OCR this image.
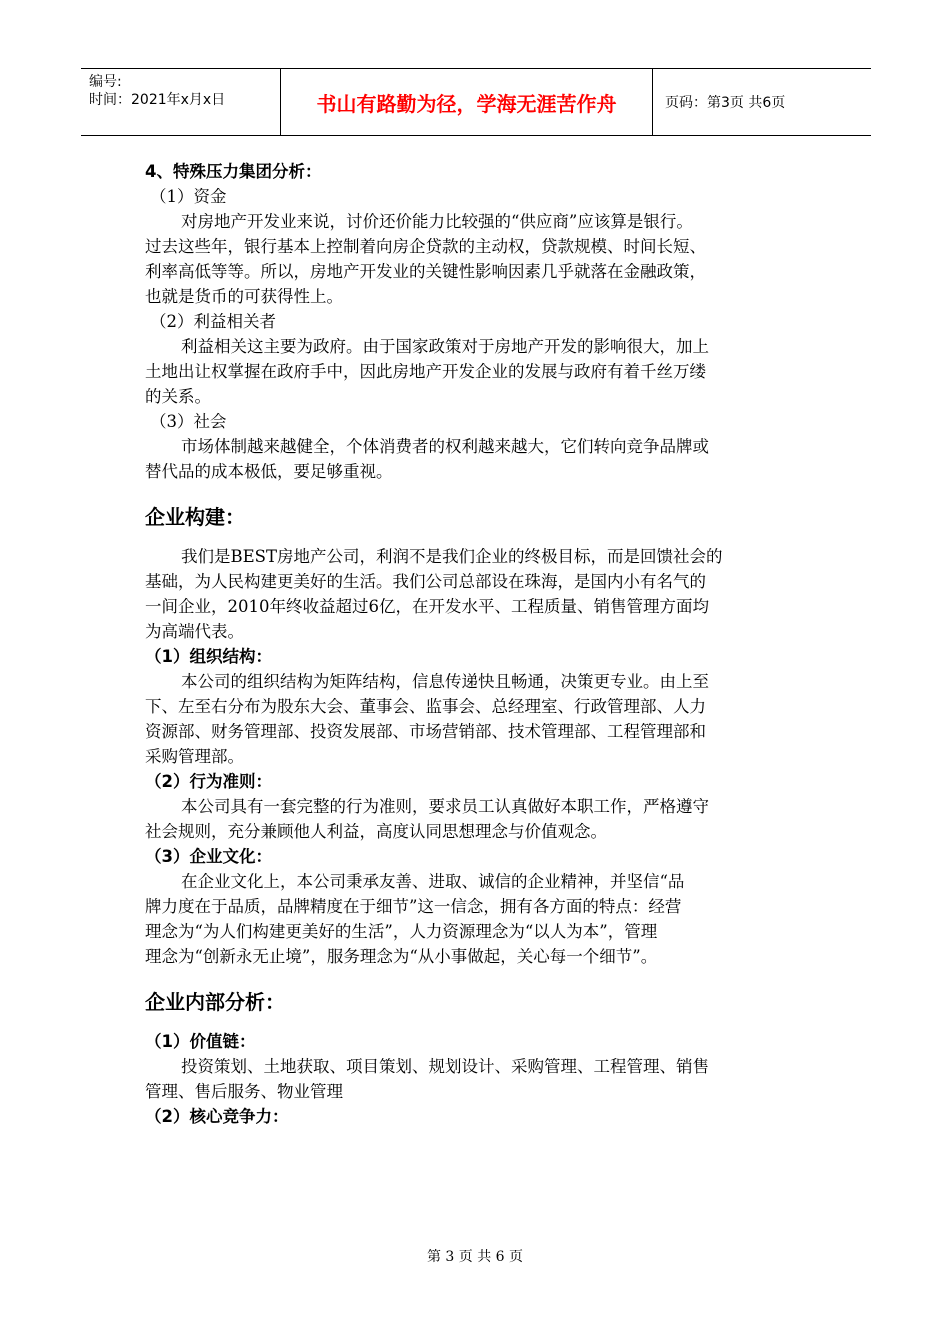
编号:
时间：2021年x月x日	书山有路勤为径，学海无涯苦作舟	页码：第3页 共6页

4、特殊压力集团分析：

（1）资金

对房地产开发业来说，讨价还价能力比较强的“供应商”应该算是银行。

过去这些年，银行基本上控制着向房企贷款的主动权，贷款规模、时间长短、

利率高低等等。所以，房地产开发业的关键性影响因素几乎就落在金融政策，

也就是货币的可获得性上。

（2）利益相关者

利益相关这主要为政府。由于国家政策对于房地产开发的影响很大，加上

土地出让权掌握在政府手中，因此房地产开发企业的发展与政府有着千丝万缕

的关系。

（3）社会

市场体制越来越健全，个体消费者的权利越来越大，它们转向竞争品牌或

替代品的成本极低，要足够重视。

企业构建：

我们是BEST房地产公司，利润不是我们企业的终极目标，而是回馈社会的

基础，为人民构建更美好的生活。我们公司总部设在珠海，是国内小有名气的

一间企业，2010年终收益超过6亿，在开发水平、工程质量、销售管理方面均

为高端代表。

（1）组织结构：

本公司的组织结构为矩阵结构，信息传递快且畅通，决策更专业。由上至

下、左至右分布为股东大会、董事会、监事会、总经理室、行政管理部、人力

资源部、财务管理部、投资发展部、市场营销部、技术管理部、工程管理部和

采购管理部。

（2）行为准则：

本公司具有一套完整的行为准则，要求员工认真做好本职工作，严格遵守

社会规则，充分兼顾他人利益，高度认同思想理念与价值观念。

（3）企业文化：

在企业文化上，本公司秉承友善、进取、诚信的企业精神，并坚信“品

牌力度在于品质，品牌精度在于细节”这一信念，拥有各方面的特点：经营

理念为“为人们构建更美好的生活”，人力资源理念为“以人为本”，管理

理念为“创新永无止境”，服务理念为“从小事做起，关心每一个细节”。

企业内部分析：

（1）价值链：

投资策划、土地获取、项目策划、规划设计、采购管理、工程管理、销售

管理、售后服务、物业管理

（2）核心竞争力：

第 3 页 共 6 页
